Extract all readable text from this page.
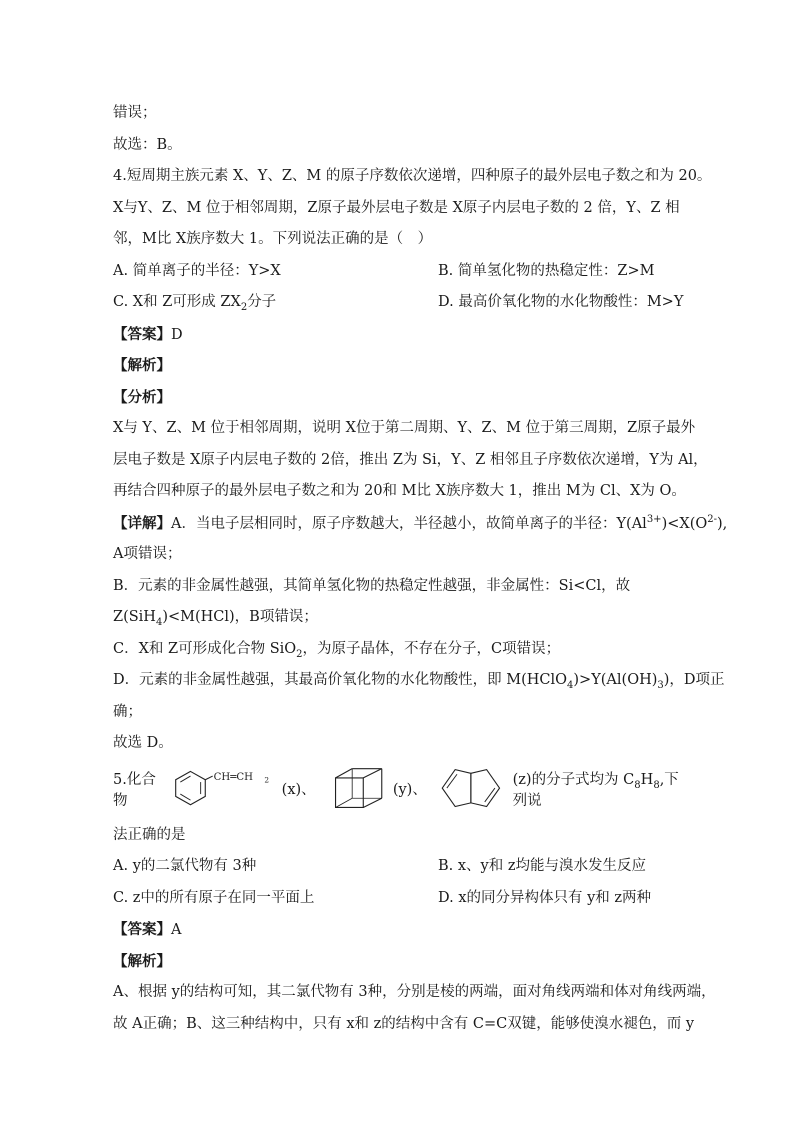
错误；
故选：B。
4.短周期主族元素 X、Y、Z、M 的原子序数依次递增，四种原子的最外层电子数之和为 20。
X与Y、Z、M 位于相邻周期，Z原子最外层电子数是 X原子内层电子数的 2 倍，Y、Z 相
邻，M比 X族序数大 1。下列说法正确的是（　）
A. 简单离子的半径：Y>X	B. 简单氢化物的热稳定性：Z>M
C. X和 Z可形成 $ZX_2$分子	D. 最高价氧化物的水化物酸性：M>Y
【答案】D
【解析】
【分析】
X与 Y、Z、M 位于相邻周期，说明 X位于第二周期、Y、Z、M 位于第三周期，Z原子最外
层电子数是 X原子内层电子数的 2倍，推出 Z为 Si，Y、Z 相邻且子序数依次递增，Y为 Al，
再结合四种原子的最外层电子数之和为 20和 M比 X族序数大 1，推出 M为 Cl、X为 O。
【详解】A．当电子层相同时，原子序数越大，半径越小，故简单离子的半径：$Y(Al^{3+})<X(O^{2-})$,
A项错误；
B．元素的非金属性越强，其简单氢化物的热稳定性越强，非金属性：Si<Cl，故
Z(SiH$_4$)<M(HCl)，B项错误；
C．X和 Z可形成化合物 SiO$_2$，为原子晶体，不存在分子，C项错误；
D．元素的非金属性越强，其最高价氧化物的水化物酸性，即 $M(HClO_4)>Y(Al(OH)_3)$，D项正
确；
故选 D。
5.化合物
CH═CH 2
(x)、	(y)、
(z)的分子式均为 $C_8H_8$,下列说
法正确的是
A. y的二氯代物有 3种	B. x、y和 z均能与溴水发生反应
C. z中的所有原子在同一平面上	D. x的同分异构体只有 y和 z两种
【答案】A
【解析】
A、根据 y的结构可知，其二氯代物有 3种，分别是棱的两端，面对角线两端和体对角线两端，
故 A正确；B、这三种结构中，只有 x和 z的结构中含有 C=C双键，能够使溴水褪色，而 y
